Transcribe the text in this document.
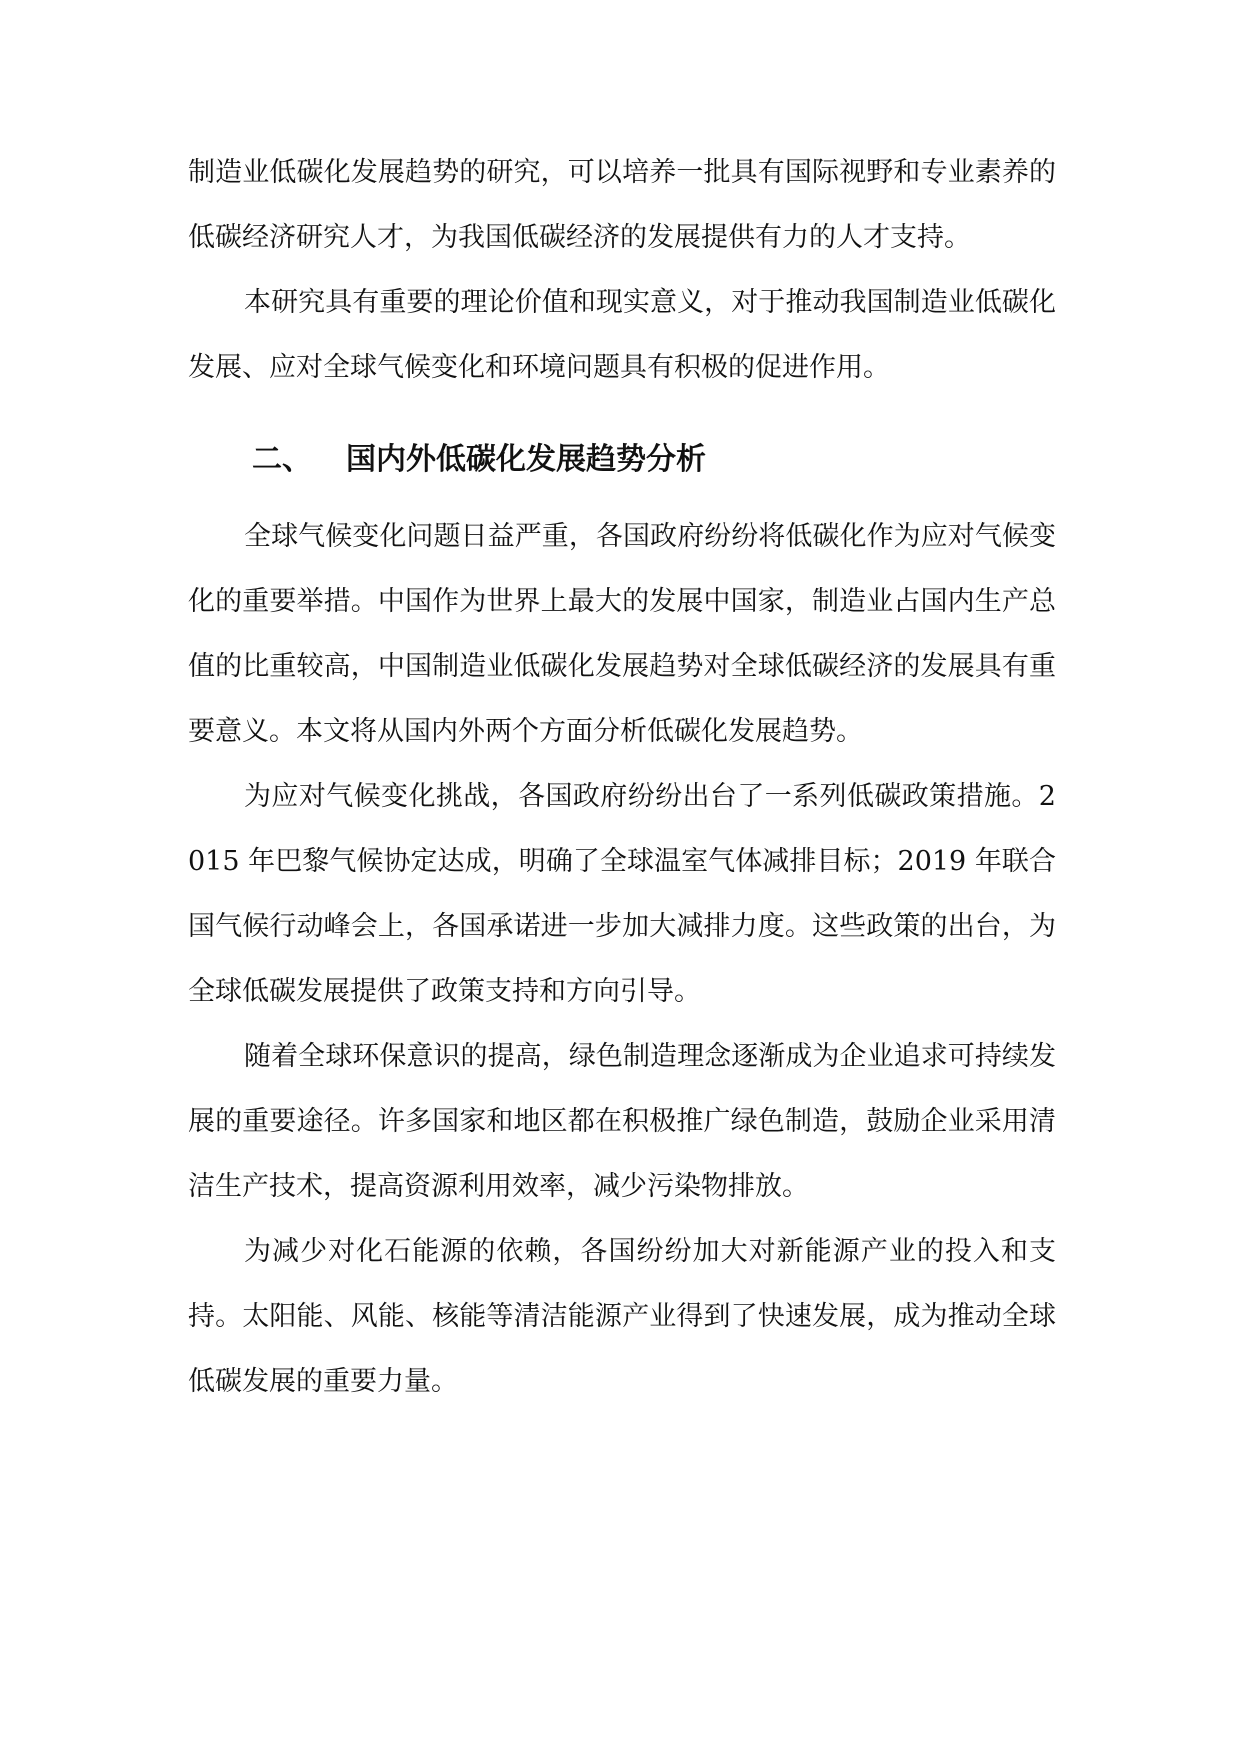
制造业低碳化发展趋势的研究，可以培养一批具有国际视野和专业素养的低碳经济研究人才，为我国低碳经济的发展提供有力的人才支持。

本研究具有重要的理论价值和现实意义，对于推动我国制造业低碳化发展、应对全球气候变化和环境问题具有积极的促进作用。

二、 国内外低碳化发展趋势分析

全球气候变化问题日益严重，各国政府纷纷将低碳化作为应对气候变化的重要举措。中国作为世界上最大的发展中国家，制造业占国内生产总值的比重较高，中国制造业低碳化发展趋势对全球低碳经济的发展具有重要意义。本文将从国内外两个方面分析低碳化发展趋势。

为应对气候变化挑战，各国政府纷纷出台了一系列低碳政策措施。2015 年巴黎气候协定达成，明确了全球温室气体减排目标；2019 年联合国气候行动峰会上，各国承诺进一步加大减排力度。这些政策的出台，为全球低碳发展提供了政策支持和方向引导。

随着全球环保意识的提高，绿色制造理念逐渐成为企业追求可持续发展的重要途径。许多国家和地区都在积极推广绿色制造，鼓励企业采用清洁生产技术，提高资源利用效率，减少污染物排放。

为减少对化石能源的依赖，各国纷纷加大对新能源产业的投入和支持。太阳能、风能、核能等清洁能源产业得到了快速发展，成为推动全球低碳发展的重要力量。
